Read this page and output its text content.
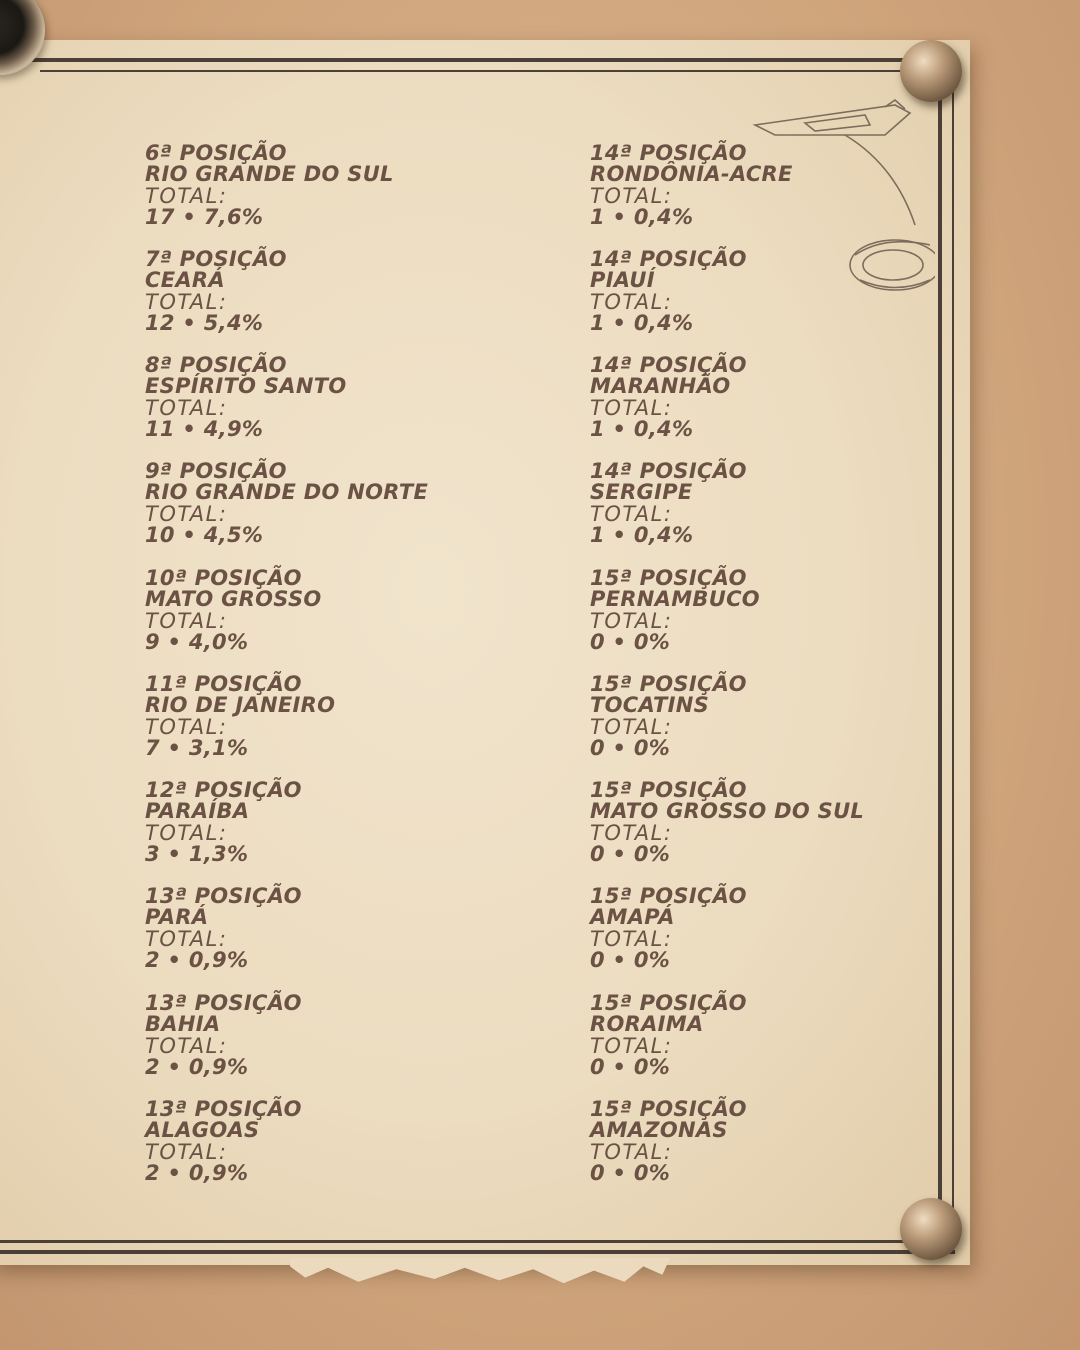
6ª POSIÇÃO
RIO GRANDE DO SUL
TOTAL:
17 • 7,6%
7ª POSIÇÃO
CEARÁ
TOTAL:
12 • 5,4%
8ª POSIÇÃO
ESPÍRITO SANTO
TOTAL:
11 • 4,9%
9ª POSIÇÃO
RIO GRANDE DO NORTE
TOTAL:
10 • 4,5%
10ª POSIÇÃO
MATO GROSSO
TOTAL:
9 • 4,0%
11ª POSIÇÃO
RIO DE JANEIRO
TOTAL:
7 • 3,1%
12ª POSIÇÃO
PARAÍBA
TOTAL:
3 • 1,3%
13ª POSIÇÃO
PARÁ
TOTAL:
2 • 0,9%
13ª POSIÇÃO
BAHIA
TOTAL:
2 • 0,9%
13ª POSIÇÃO
ALAGOAS
TOTAL:
2 • 0,9%
14ª POSIÇÃO
RONDÔNIA-ACRE
TOTAL:
1 • 0,4%
14ª POSIÇÃO
PIAUÍ
TOTAL:
1 • 0,4%
14ª POSIÇÃO
MARANHÃO
TOTAL:
1 • 0,4%
14ª POSIÇÃO
SERGIPE
TOTAL:
1 • 0,4%
15ª POSIÇÃO
PERNAMBUCO
TOTAL:
0 • 0%
15ª POSIÇÃO
TOCATINS
TOTAL:
0 • 0%
15ª POSIÇÃO
MATO GROSSO DO SUL
TOTAL:
0 • 0%
15ª POSIÇÃO
AMAPÁ
TOTAL:
0 • 0%
15ª POSIÇÃO
RORAIMA
TOTAL:
0 • 0%
15ª POSIÇÃO
AMAZONAS
TOTAL:
0 • 0%
